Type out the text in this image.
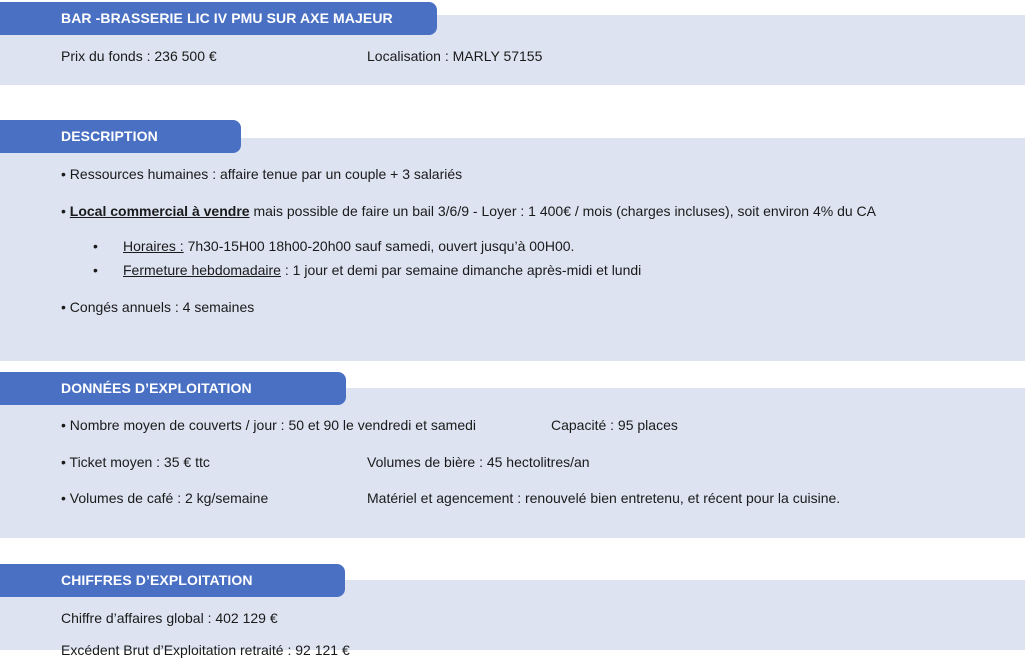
BAR -BRASSERIE LIC IV PMU SUR AXE MAJEUR
Prix du fonds : 236 500 €	Localisation : MARLY 57155
DESCRIPTION
• Ressources humaines : affaire tenue par un couple + 3 salariés
• Local commercial à vendre mais possible de faire un bail 3/6/9 - Loyer : 1 400€ / mois (charges incluses), soit environ 4% du CA
• Horaires : 7h30-15H00 18h00-20h00 sauf samedi, ouvert jusqu’à 00H00.
• Fermeture hebdomadaire : 1 jour et demi par semaine dimanche après-midi et lundi
• Congés annuels : 4 semaines
DONNÉES D’EXPLOITATION
• Nombre moyen de couverts / jour : 50 et 90 le vendredi et samedi	Capacité : 95 places
• Ticket moyen : 35 € ttc	Volumes de bière : 45 hectolitres/an
• Volumes de café : 2 kg/semaine	Matériel et agencement : renouvelé bien entretenu, et récent pour la cuisine.
CHIFFRES D’EXPLOITATION
Chiffre d’affaires global : 402 129 €
Excédent Brut d’Exploitation retraité : 92 121 €
